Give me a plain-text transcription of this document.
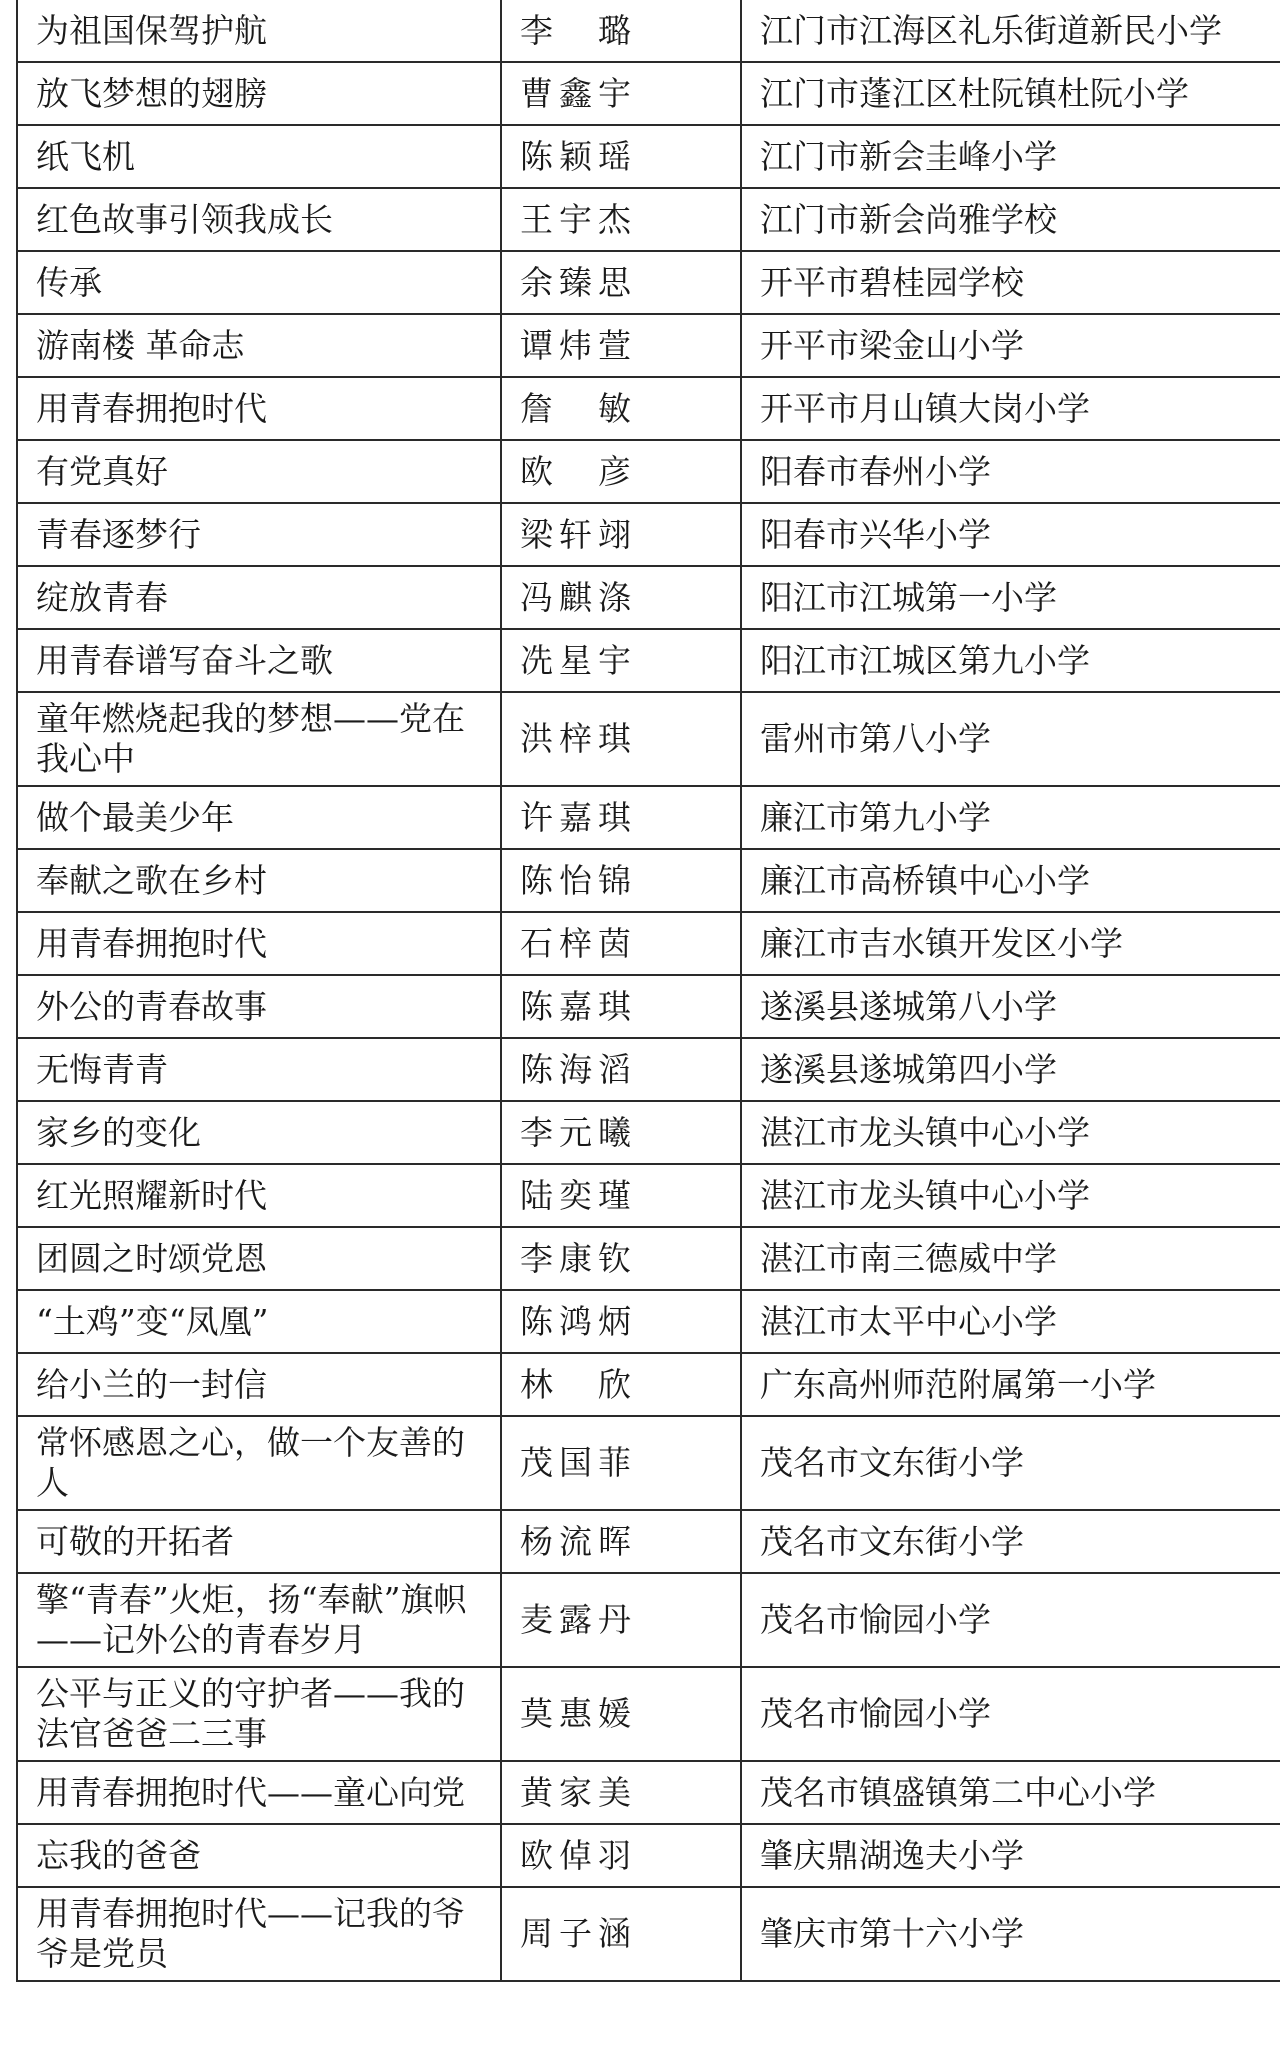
为祖国保驾护航	李　璐	江门市江海区礼乐街道新民小学
放飞梦想的翅膀	曹鑫宇	江门市蓬江区杜阮镇杜阮小学
纸飞机	陈颖瑶	江门市新会圭峰小学
红色故事引领我成长	王宇杰	江门市新会尚雅学校
传承	余臻思	开平市碧桂园学校
游南楼 革命志	谭炜萱	开平市梁金山小学
用青春拥抱时代	詹　敏	开平市月山镇大岗小学
有党真好	欧　彦	阳春市春州小学
青春逐梦行	梁轩翊	阳春市兴华小学
绽放青春	冯麒涤	阳江市江城第一小学
用青春谱写奋斗之歌	冼星宇	阳江市江城区第九小学
童年燃烧起我的梦想——党在我心中	洪梓琪	雷州市第八小学
做个最美少年	许嘉琪	廉江市第九小学
奉献之歌在乡村	陈怡锦	廉江市高桥镇中心小学
用青春拥抱时代	石梓茵	廉江市吉水镇开发区小学
外公的青春故事	陈嘉琪	遂溪县遂城第八小学
无悔青青	陈海滔	遂溪县遂城第四小学
家乡的变化	李元曦	湛江市龙头镇中心小学
红光照耀新时代	陆奕瑾	湛江市龙头镇中心小学
团圆之时颂党恩	李康钦	湛江市南三德威中学
“土鸡”变“凤凰”	陈鸿炳	湛江市太平中心小学
给小兰的一封信	林　欣	广东高州师范附属第一小学
常怀感恩之心，做一个友善的人	茂国菲	茂名市文东街小学
可敬的开拓者	杨流晖	茂名市文东街小学
擎“青春”火炬，扬“奉献”旗帜——记外公的青春岁月	麦露丹	茂名市愉园小学
公平与正义的守护者——我的法官爸爸二三事	莫惠媛	茂名市愉园小学
用青春拥抱时代——童心向党	黄家美	茂名市镇盛镇第二中心小学
忘我的爸爸	欧倬羽	肇庆鼎湖逸夫小学
用青春拥抱时代——记我的爷爷是党员	周子涵	肇庆市第十六小学
